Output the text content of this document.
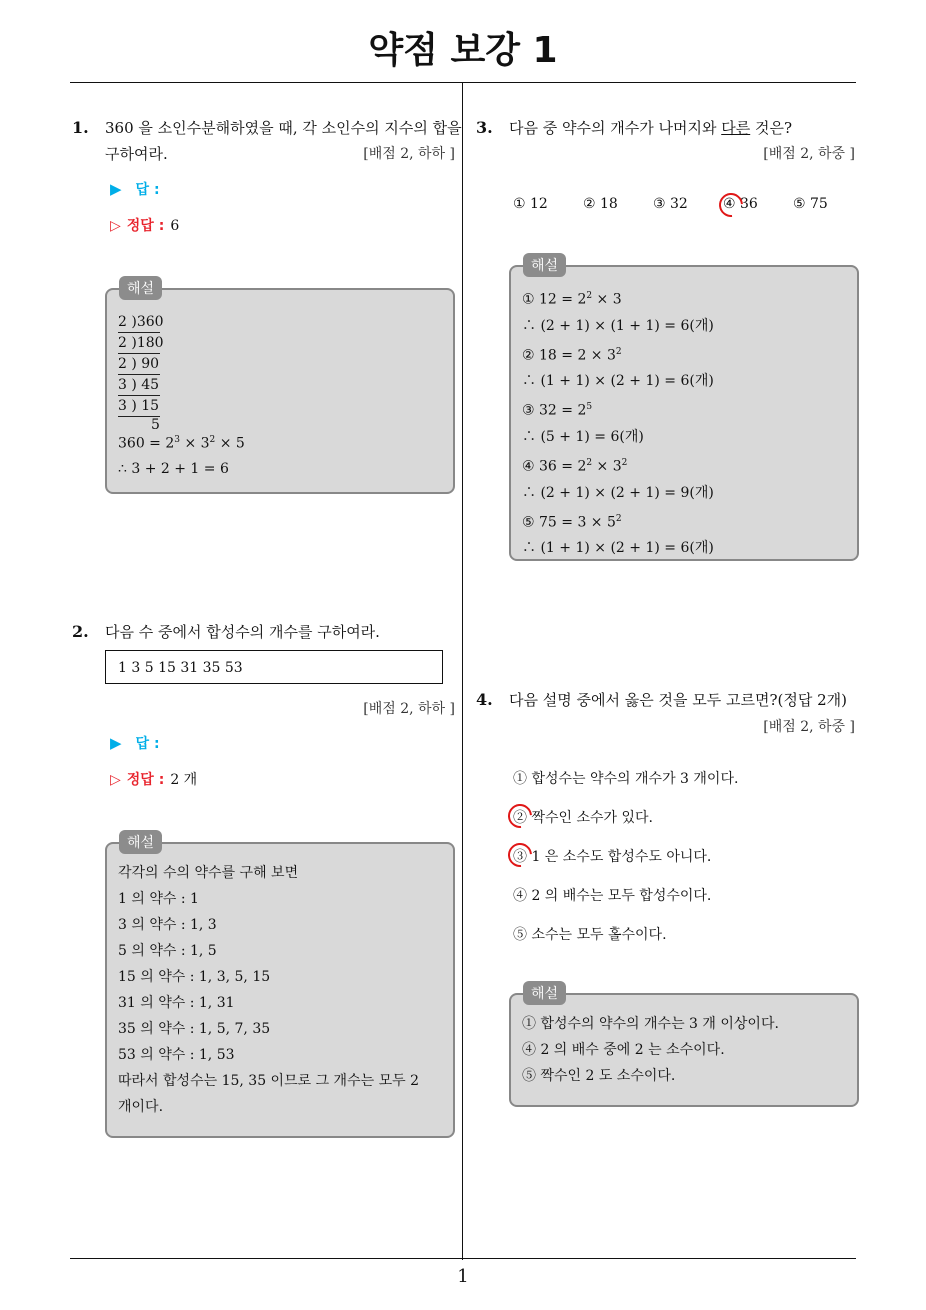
약점 보강 1
1. 360 을 소인수분해하였을 때, 각 소인수의 지수의 합을
구하여라.	[배점 2, 하하 ]
▶ 답 :
▷ 정답 : 6
해설
2 )360
2 )180
2 ) 90
3 ) 45
3 ) 15
5
$360 = 2^3 \times 3^2 \times 5$
∴ 3 + 2 + 1 = 6
2. 다음 수 중에서 합성수의 개수를 구하여라.
1 3 5 15 31 35 53
[배점 2, 하하 ]
▶ 답 :
▷ 정답 : 2 개
해설
각각의 수의 약수를 구해 보면
1 의 약수 : 1
3 의 약수 : 1, 3
5 의 약수 : 1, 5
15 의 약수 : 1, 3, 5, 15
31 의 약수 : 1, 31
35 의 약수 : 1, 5, 7, 35
53 의 약수 : 1, 53
따라서 합성수는 15, 35 이므로 그 개수는 모두 2
개이다.
3. 다음 중 약수의 개수가 나머지와 다른 것은?
[배점 2, 하중 ]
① 12	② 18	③ 32	④ 36	⑤ 75
해설
① $12 = 2^2 \times 3$
∴ (2 + 1) × (1 + 1) = 6(개)
② $18 = 2 \times 3^2$
∴ (1 + 1) × (2 + 1) = 6(개)
③ $32 = 2^5$
∴ (5 + 1) = 6(개)
④ $36 = 2^2 \times 3^2$
∴ (2 + 1) × (2 + 1) = 9(개)
⑤ $75 = 3 \times 5^2$
∴ (1 + 1) × (2 + 1) = 6(개)
4. 다음 설명 중에서 옳은 것을 모두 고르면?(정답 2개)
[배점 2, 하중 ]
① 합성수는 약수의 개수가 3 개이다.
② 짝수인 소수가 있다.
③ 1 은 소수도 합성수도 아니다.
④ 2 의 배수는 모두 합성수이다.
⑤ 소수는 모두 홀수이다.
해설
① 합성수의 약수의 개수는 3 개 이상이다.
④ 2 의 배수 중에 2 는 소수이다.
⑤ 짝수인 2 도 소수이다.
1
